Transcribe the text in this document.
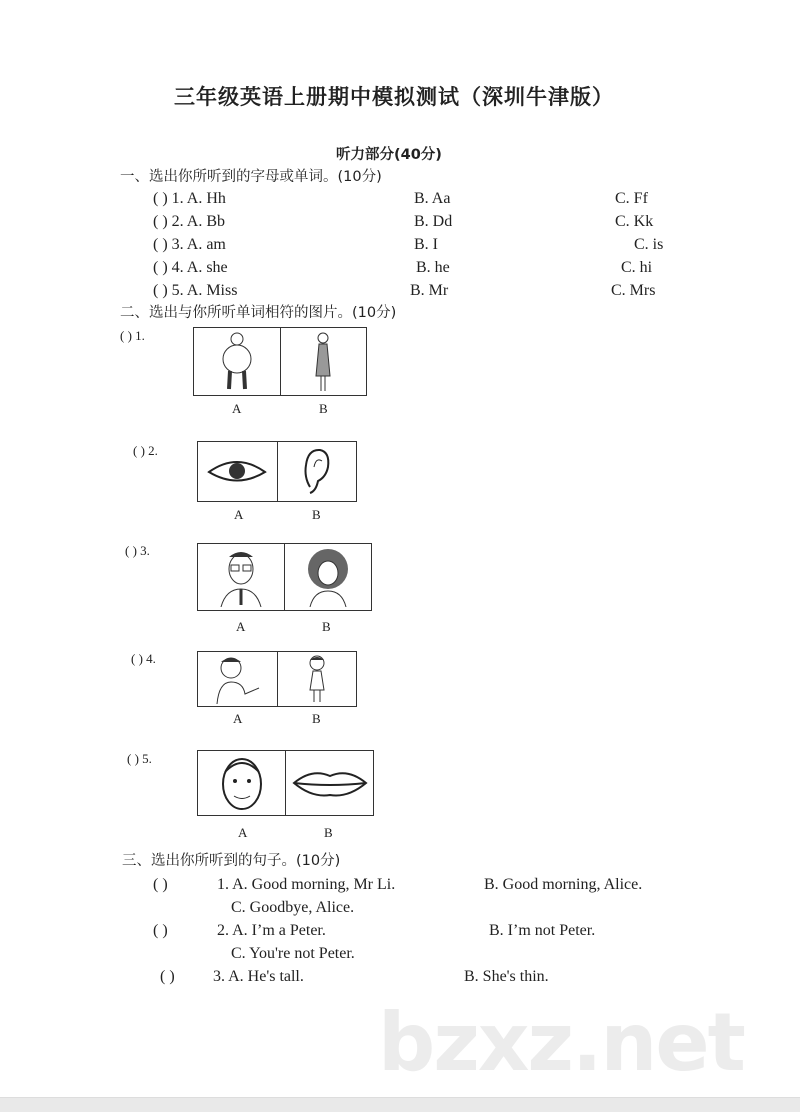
三年级英语上册期中模拟测试（深圳牛津版）
听力部分(40分)
一、选出你所听到的字母或单词。(10分)
( ) 1. A. Hh	B. Aa	C. Ff
( ) 2. A. Bb	B. Dd	C. Kk
( ) 3. A. am	B. I	C. is
( ) 4. A. she	B. he	C. hi
( ) 5. A. Miss	B. Mr	C. Mrs
二、选出与你所听单词相符的图片。(10分)
( ) 1.
A	B
( ) 2.
A	B
( ) 3.
A	B
( ) 4.
A	B
( ) 5.
A	B
三、选出你所听到的句子。(10分)
( )	1. A. Good morning, Mr Li.	B. Good morning, Alice.
C. Goodbye, Alice.
( )	2. A. I’m a Peter.	B. I’m not Peter.
C. You're not Peter.
( ) 3. A. He's tall.	B. She's thin.
bzxz.net
